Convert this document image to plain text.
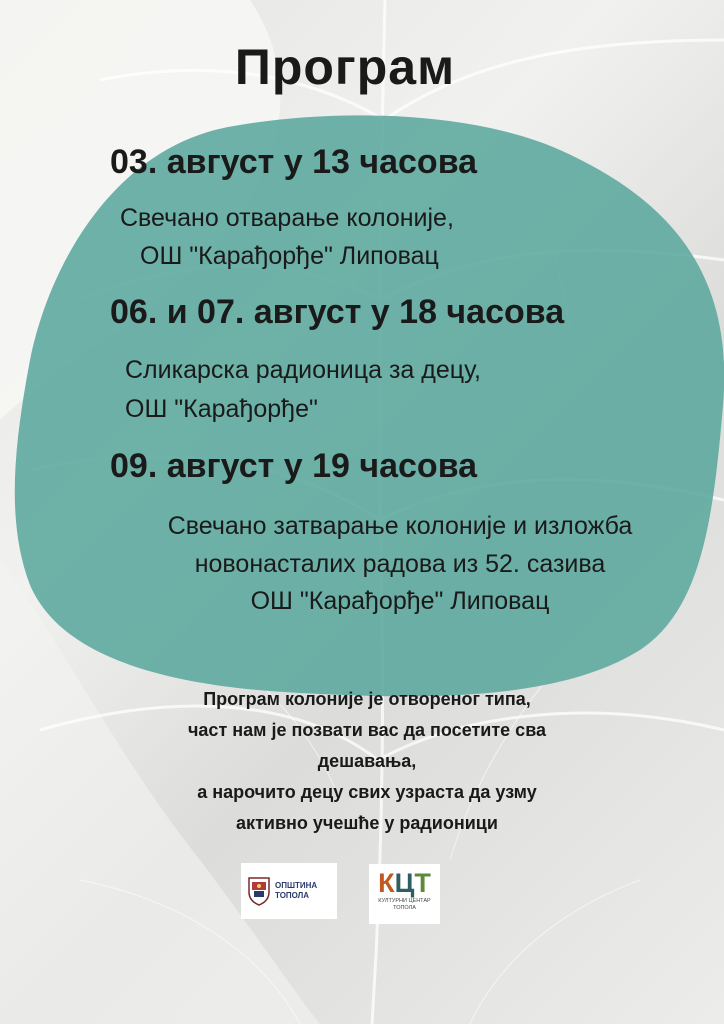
Програм
03. август у 13 часова
Свечано отварање колоније,
ОШ "Карађорђе" Липовац
06. и 07. август у 18 часова
Сликарска радионица за децу,
ОШ "Карађорђе"
09. август у 19 часова
Свечано затварање колоније и изложба
новонасталих радова из 52. сазива
ОШ "Карађорђе" Липовац
Програм колоније је отвореног типа,
част нам је позвати вас да посетите сва
дешавања,
а нарочито децу свих узраста да узму
активно учешће у радионици
ОПШТИНА
ТОПОЛА	КЦТ
КУЛТУРНИ ЦЕНТАР
ТОПОЛА
